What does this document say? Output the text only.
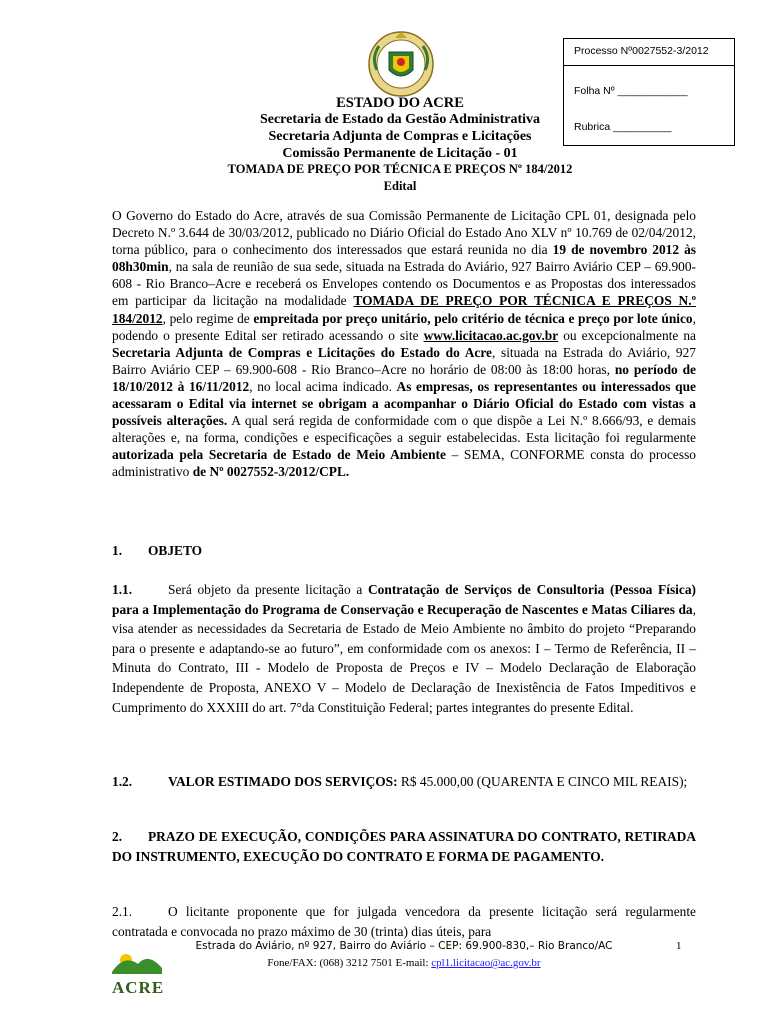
Processo Nº0027552-3/2012
Folha Nº ____________
Rubrica __________
ESTADO DO ACRE
Secretaria de Estado da Gestão Administrativa
Secretaria Adjunta de Compras e Licitações
Comissão Permanente de Licitação - 01
TOMADA DE PREÇO POR TÉCNICA E PREÇOS Nº 184/2012
Edital

O Governo do Estado do Acre, através de sua Comissão Permanente de Licitação CPL 01, designada pelo Decreto N.º 3.644 de 30/03/2012, publicado no Diário Oficial do Estado Ano XLV nº 10.769 de 02/04/2012, torna público, para o conhecimento dos interessados que estará reunida no dia 19 de novembro 2012 às 08h30min, na sala de reunião de sua sede, situada na Estrada do Aviário, 927 Bairro Aviário CEP – 69.900-608 - Rio Branco–Acre e receberá os Envelopes contendo os Documentos e as Propostas dos interessados em participar da licitação na modalidade TOMADA DE PREÇO POR TÉCNICA E PREÇOS N.º 184/2012, pelo regime de empreitada por preço unitário, pelo critério de técnica e preço por lote único, podendo o presente Edital ser retirado acessando o site www.licitacao.ac.gov.br ou excepcionalmente na Secretaria Adjunta de Compras e Licitações do Estado do Acre, situada na Estrada do Aviário, 927 Bairro Aviário CEP – 69.900-608 - Rio Branco–Acre no horário de 08:00 às 18:00 horas, no período de 18/10/2012 à 16/11/2012, no local acima indicado. As empresas, os representantes ou interessados que acessaram o Edital via internet se obrigam a acompanhar o Diário Oficial do Estado com vistas a possíveis alterações. A qual será regida de conformidade com o que dispõe a Lei N.º 8.666/93, e demais alterações e, na forma, condições e especificações a seguir estabelecidas. Esta licitação foi regularmente autorizada pela Secretaria de Estado de Meio Ambiente – SEMA, CONFORME consta do processo administrativo de Nº 0027552-3/2012/CPL.

1. OBJETO

1.1.	Será objeto da presente licitação a Contratação de Serviços de Consultoria (Pessoa Física) para a Implementação do Programa de Conservação e Recuperação de Nascentes e Matas Ciliares da, visa atender as necessidades da Secretaria de Estado de Meio Ambiente no âmbito do projeto “Preparando para o presente e adaptando-se ao futuro”, em conformidade com os anexos: I – Termo de Referência, II – Minuta do Contrato, III - Modelo de Proposta de Preços e IV – Modelo Declaração de Elaboração Independente de Proposta, ANEXO V – Modelo de Declaração de Inexistência de Fatos Impeditivos e Cumprimento do XXXIII do art. 7°da Constituição Federal; partes integrantes do presente Edital.

1.2.	VALOR ESTIMADO DOS SERVIÇOS: R$ 45.000,00 (QUARENTA E CINCO MIL REAIS);

2. PRAZO DE EXECUÇÃO, CONDIÇÕES PARA ASSINATURA DO CONTRATO, RETIRADA DO INSTRUMENTO, EXECUÇÃO DO CONTRATO E FORMA DE PAGAMENTO.

2.1.	O licitante proponente que for julgada vencedora da presente licitação será regularmente contratada e convocada no prazo máximo de 30 (trinta) dias úteis, para

ACRE
Estrada do Aviário, nº 927, Bairro do Aviário – CEP: 69.900-830,– Rio Branco/AC	1
Fone/FAX: (068) 3212 7501 E-mail: cpl1.licitacao@ac.gov.br
